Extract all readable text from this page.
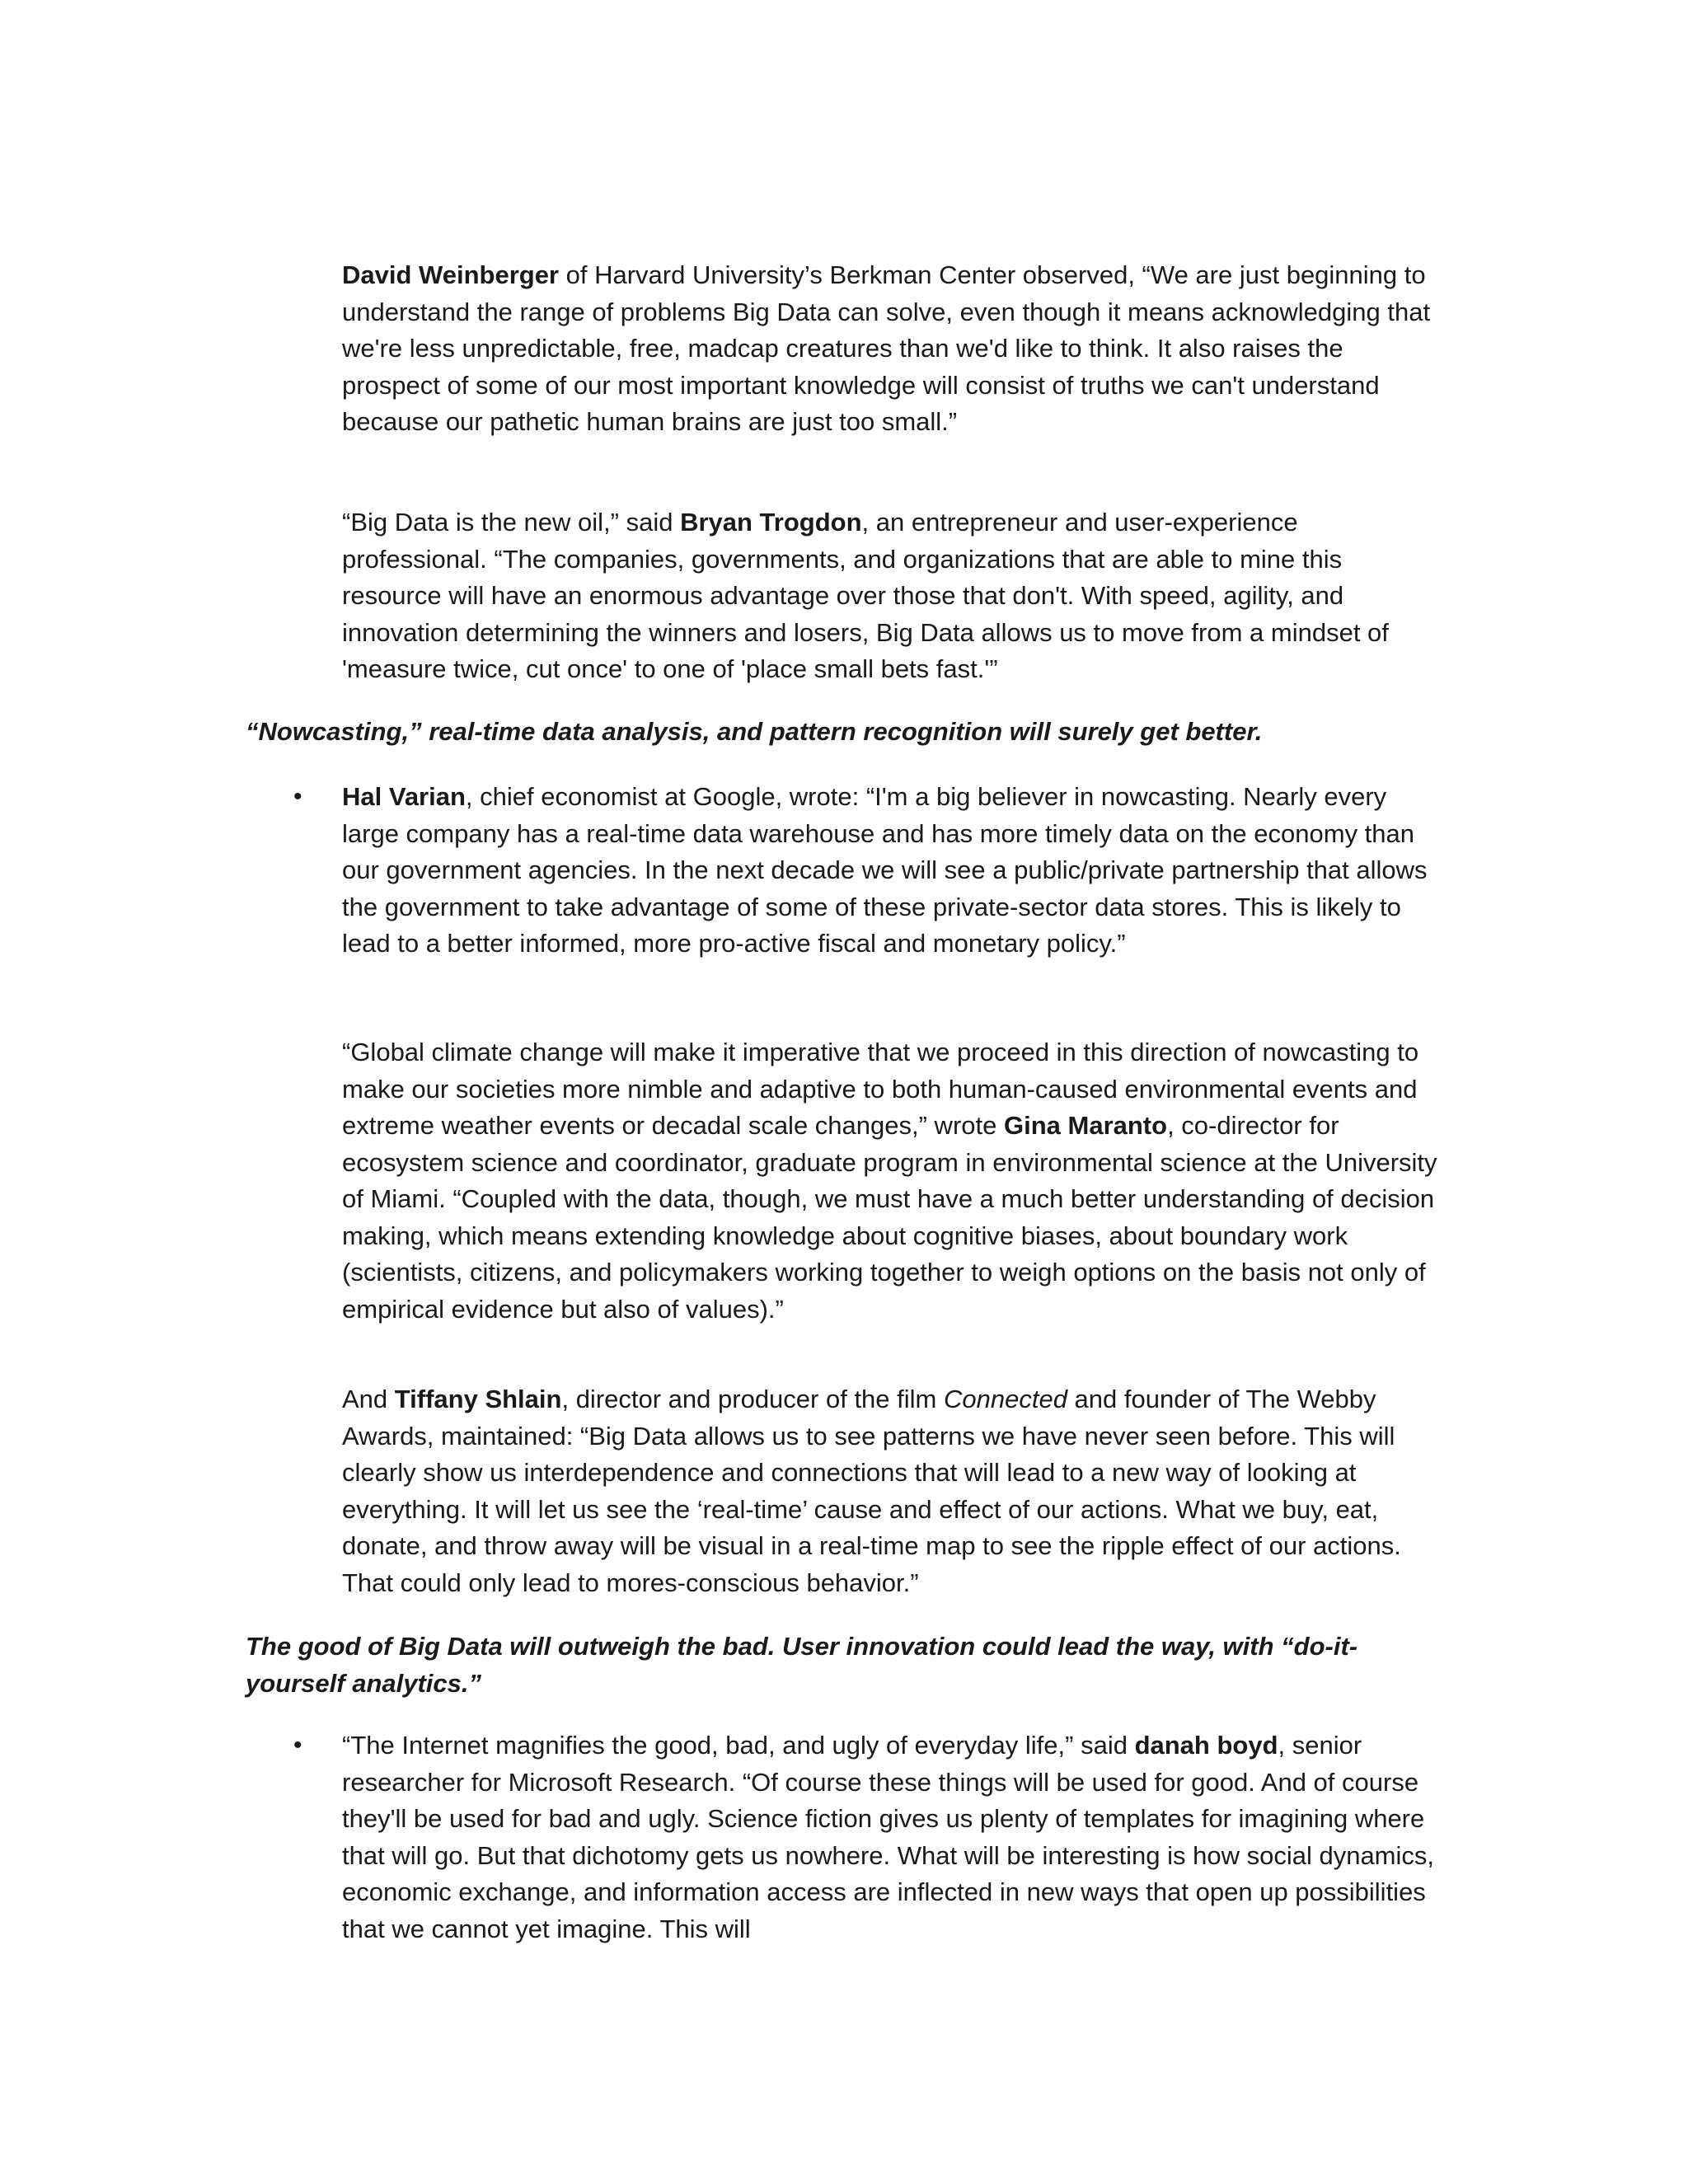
David Weinberger of Harvard University’s Berkman Center observed, “We are just beginning to understand the range of problems Big Data can solve, even though it means acknowledging that we're less unpredictable, free, madcap creatures than we'd like to think. It also raises the prospect of some of our most important knowledge will consist of truths we can't understand because our pathetic human brains are just too small.”

“Big Data is the new oil,” said Bryan Trogdon, an entrepreneur and user-experience professional. “The companies, governments, and organizations that are able to mine this resource will have an enormous advantage over those that don't. With speed, agility, and innovation determining the winners and losers, Big Data allows us to move from a mindset of 'measure twice, cut once' to one of 'place small bets fast.'”

“Nowcasting,” real-time data analysis, and pattern recognition will surely get better.

• Hal Varian, chief economist at Google, wrote: “I'm a big believer in nowcasting. Nearly every large company has a real-time data warehouse and has more timely data on the economy than our government agencies. In the next decade we will see a public/private partnership that allows the government to take advantage of some of these private-sector data stores. This is likely to lead to a better informed, more pro-active fiscal and monetary policy.”

“Global climate change will make it imperative that we proceed in this direction of nowcasting to make our societies more nimble and adaptive to both human-caused environmental events and extreme weather events or decadal scale changes,” wrote Gina Maranto, co-director for ecosystem science and coordinator, graduate program in environmental science at the University of Miami. “Coupled with the data, though, we must have a much better understanding of decision making, which means extending knowledge about cognitive biases, about boundary work (scientists, citizens, and policymakers working together to weigh options on the basis not only of empirical evidence but also of values).”

And Tiffany Shlain, director and producer of the film Connected and founder of The Webby Awards, maintained: “Big Data allows us to see patterns we have never seen before. This will clearly show us interdependence and connections that will lead to a new way of looking at everything. It will let us see the ‘real-time’ cause and effect of our actions. What we buy, eat, donate, and throw away will be visual in a real-time map to see the ripple effect of our actions. That could only lead to mores-conscious behavior.”

The good of Big Data will outweigh the bad. User innovation could lead the way, with “do-it-yourself analytics.”

• “The Internet magnifies the good, bad, and ugly of everyday life,” said danah boyd, senior researcher for Microsoft Research. “Of course these things will be used for good. And of course they'll be used for bad and ugly. Science fiction gives us plenty of templates for imagining where that will go. But that dichotomy gets us nowhere. What will be interesting is how social dynamics, economic exchange, and information access are inflected in new ways that open up possibilities that we cannot yet imagine. This will
